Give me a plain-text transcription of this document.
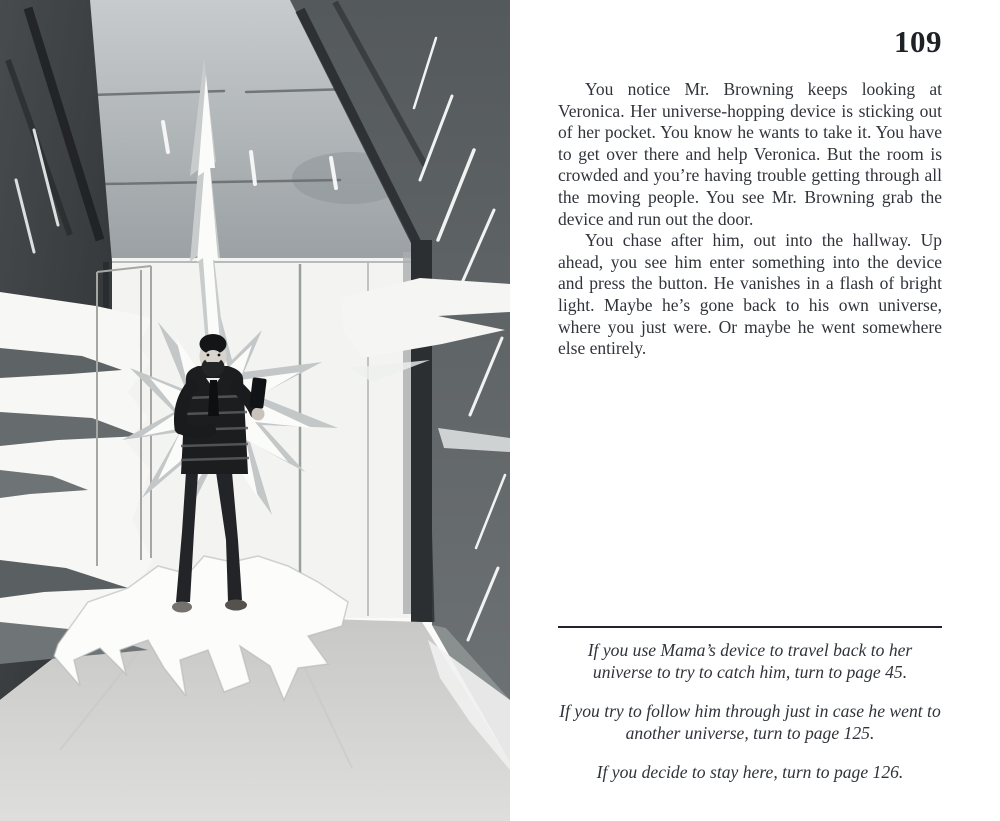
109

You notice Mr. Browning keeps looking at Veronica. Her universe-hopping device is sticking out of her pocket. You know he wants to take it. You have to get over there and help Veronica. But the room is crowded and you’re having trouble getting through all the moving people. You see Mr. Browning grab the device and run out the door.

You chase after him, out into the hallway. Up ahead, you see him enter something into the device and press the button. He vanishes in a flash of bright light. Maybe he’s gone back to his own universe, where you just were. Or maybe he went somewhere else entirely.

If you use Mama’s device to travel back to her universe to try to catch him, turn to page 45.

If you try to follow him through just in case he went to another universe, turn to page 125.

If you decide to stay here, turn to page 126.
